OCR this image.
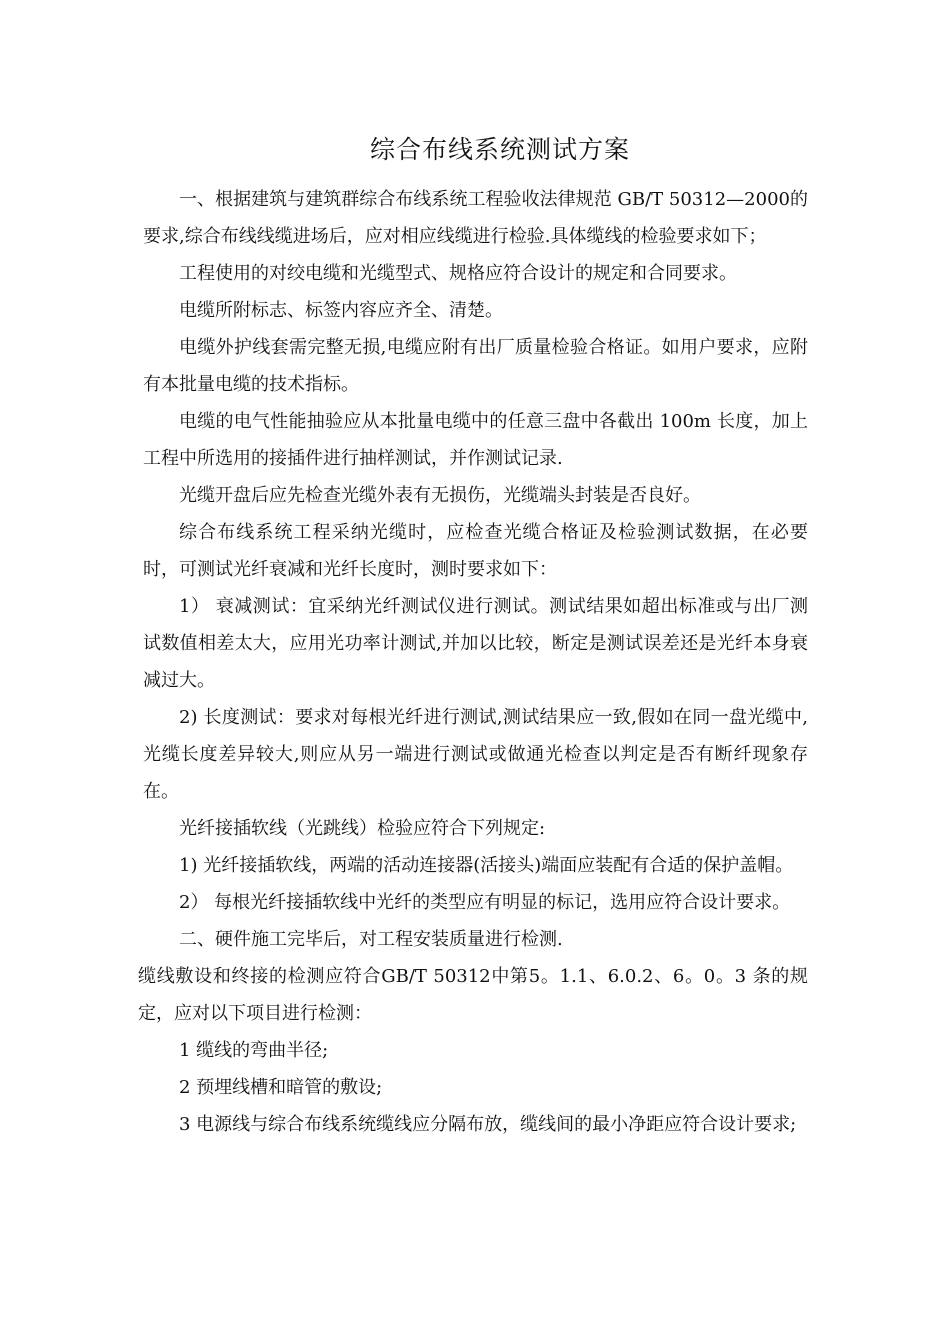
综合布线系统测试方案

一、根据建筑与建筑群综合布线系统工程验收法律规范 GB/T 50312—2000的要求,综合布线线缆进场后，应对相应线缆进行检验.具体缆线的检验要求如下；

工程使用的对绞电缆和光缆型式、规格应符合设计的规定和合同要求。

电缆所附标志、标签内容应齐全、清楚。

电缆外护线套需完整无损,电缆应附有出厂质量检验合格证。如用户要求，应附有本批量电缆的技术指标。

电缆的电气性能抽验应从本批量电缆中的任意三盘中各截出 100m 长度，加上工程中所选用的接插件进行抽样测试，并作测试记录.

光缆开盘后应先检查光缆外表有无损伤，光缆端头封装是否良好。

综合布线系统工程采纳光缆时，应检查光缆合格证及检验测试数据，在必要时，可测试光纤衰减和光纤长度时，测时要求如下：

1） 衰减测试：宜采纳光纤测试仪进行测试。测试结果如超出标准或与出厂测试数值相差太大，应用光功率计测试,并加以比较，断定是测试误差还是光纤本身衰减过大。

2) 长度测试：要求对每根光纤进行测试,测试结果应一致,假如在同一盘光缆中,光缆长度差异较大,则应从另一端进行测试或做通光检查以判定是否有断纤现象存在。

光纤接插软线（光跳线）检验应符合下列规定:

1) 光纤接插软线，两端的活动连接器(活接头)端面应装配有合适的保护盖帽。

2） 每根光纤接插软线中光纤的类型应有明显的标记，选用应符合设计要求。

二、硬件施工完毕后，对工程安装质量进行检测.

缆线敷设和终接的检测应符合GB/T 50312中第5。1.1、6.0.2、6。0。3 条的规定，应对以下项目进行检测：

1 缆线的弯曲半径;

2 预埋线槽和暗管的敷设;

3 电源线与综合布线系统缆线应分隔布放，缆线间的最小净距应符合设计要求;
